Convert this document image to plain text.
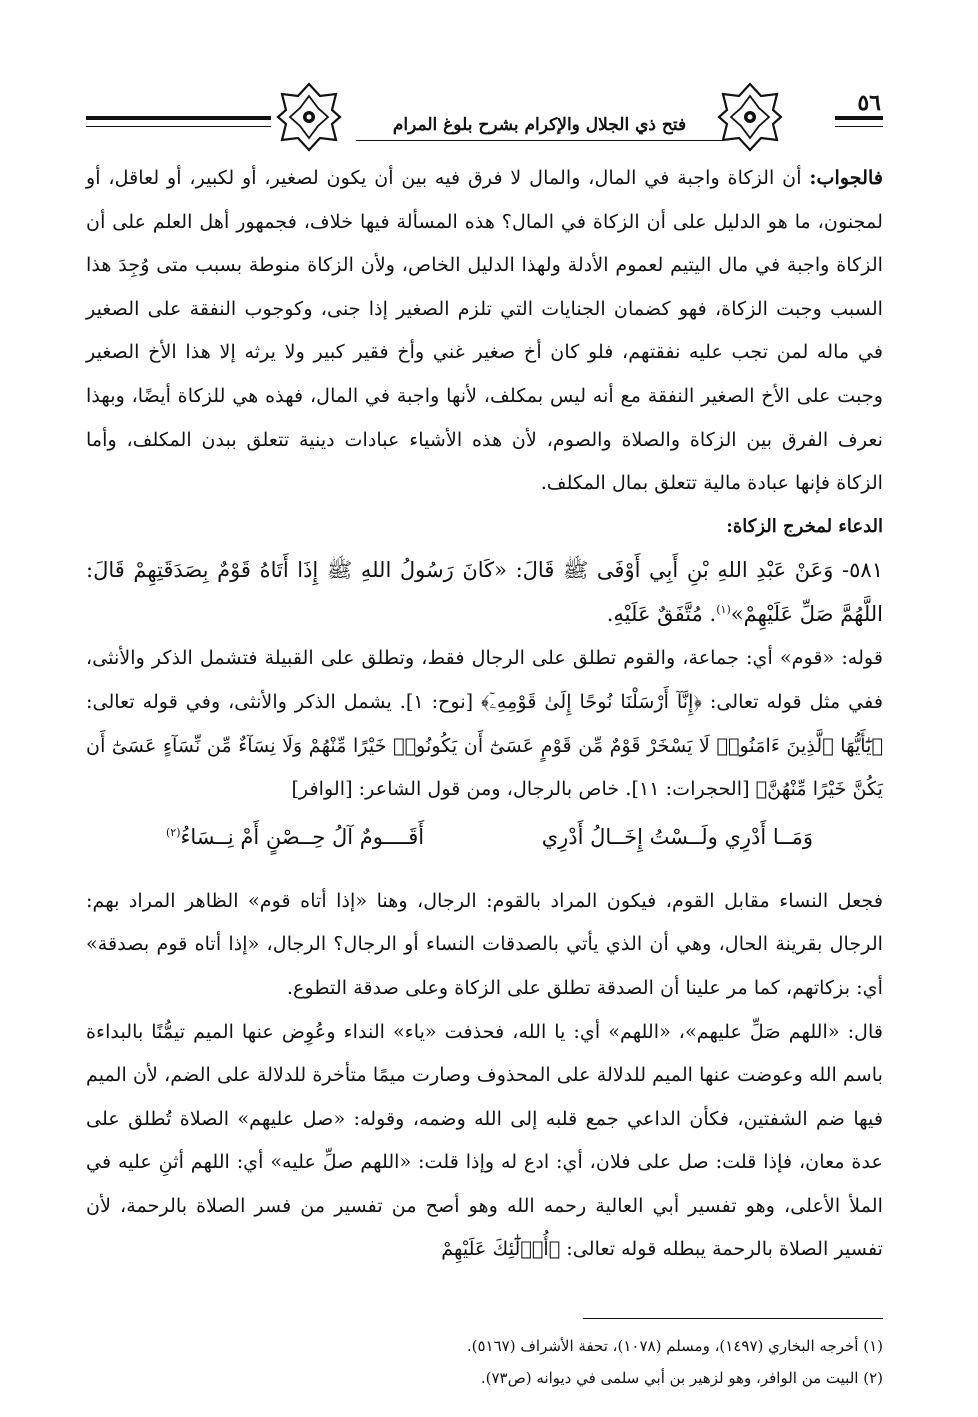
٥٦
فتح ذي الجلال والإكرام بشرح بلوغ المرام

فالجواب: أن الزكاة واجبة في المال، والمال لا فرق فيه بين أن يكون لصغير، أو لكبير، أو لعاقل، أو لمجنون، ما هو الدليل على أن الزكاة في المال؟ هذه المسألة فيها خلاف، فجمهور أهل العلم على أن الزكاة واجبة في مال اليتيم لعموم الأدلة ولهذا الدليل الخاص، ولأن الزكاة منوطة بسبب متى وُجِدَ هذا السبب وجبت الزكاة، فهو كضمان الجنايات التي تلزم الصغير إذا جنى، وكوجوب النفقة على الصغير في ماله لمن تجب عليه نفقتهم، فلو كان أخ صغير غني وأخ فقير كبير ولا يرثه إلا هذا الأخ الصغير وجبت على الأخ الصغير النفقة مع أنه ليس بمكلف، لأنها واجبة في المال، فهذه هي للزكاة أيضًا، وبهذا نعرف الفرق بين الزكاة والصلاة والصوم، لأن هذه الأشياء عبادات دينية تتعلق ببدن المكلف، وأما الزكاة فإنها عبادة مالية تتعلق بمال المكلف.

الدعاء لمخرج الزكاة:

٥٨١- وَعَنْ عَبْدِ اللهِ بْنِ أَبِي أَوْفَى ﷺ قَالَ: «كَانَ رَسُولُ اللهِ ﷺ إِذَا أَتَاهُ قَوْمٌ بِصَدَقَتِهِمْ قَالَ: اللَّهُمَّ صَلِّ عَلَيْهِمْ»$^{(١)}$. مُتَّفَقٌ عَلَيْهِ.

قوله: «قوم» أي: جماعة، والقوم تطلق على الرجال فقط، وتطلق على القبيلة فتشمل الذكر والأنثى، ففي مثل قوله تعالى: ﴿إِنَّآ أَرْسَلْنَا نُوحًا إِلَىٰ قَوْمِهِۦٓ﴾ [نوح: ١]. يشمل الذكر والأنثى، وفي قوله تعالى: ﴿يَٰٓأَيُّهَا ٱلَّذِينَ ءَامَنُوا۟ لَا يَسْخَرْ قَوْمٌ مِّن قَوْمٍ عَسَىٰٓ أَن يَكُونُوا۟ خَيْرًا مِّنْهُمْ وَلَا نِسَآءٌ مِّن نِّسَآءٍ عَسَىٰٓ أَن يَكُنَّ خَيْرًا مِّنْهُنَّ﴾ [الحجرات: ١١]. خاص بالرجال، ومن قول الشاعر: [الوافر]

وَمَــا أَدْرِي ولَــسْتُ إِخَــالُ أَدْرِي
أَقَــــومٌ آلُ حِــصْنٍ أَمْ نِــسَاءُ$^{(٢)}$

فجعل النساء مقابل القوم، فيكون المراد بالقوم: الرجال، وهنا «إذا أتاه قوم» الظاهر المراد بهم: الرجال بقرينة الحال، وهي أن الذي يأتي بالصدقات النساء أو الرجال؟ الرجال، «إذا أتاه قوم بصدقة» أي: بزكاتهم، كما مر علينا أن الصدقة تطلق على الزكاة وعلى صدقة التطوع.

قال: «اللهم صَلِّ عليهم»، «اللهم» أي: يا الله، فحذفت «ياء» النداء وعُوِض عنها الميم تيمُّنًا بالبداءة باسم الله وعوضت عنها الميم للدلالة على المحذوف وصارت ميمًا متأخرة للدلالة على الضم، لأن الميم فيها ضم الشفتين، فكأن الداعي جمع قلبه إلى الله وضمه، وقوله: «صل عليهم» الصلاة تُطلق على عدة معان، فإذا قلت: صل على فلان، أي: ادع له وإذا قلت: «اللهم صلِّ عليه» أي: اللهم أثنِ عليه في الملأ الأعلى، وهو تفسير أبي العالية رحمه الله وهو أصح من تفسير من فسر الصلاة بالرحمة، لأن تفسير الصلاة بالرحمة يبطله قوله تعالى: ﴿أُو۟لَٰٓئِكَ عَلَيْهِمْ

(١) أخرجه البخاري (١٤٩٧)، ومسلم (١٠٧٨)، تحفة الأشراف (٥١٦٧).
(٢) البيت من الوافر، وهو لزهير بن أبي سلمى في ديوانه (ص٧٣).
